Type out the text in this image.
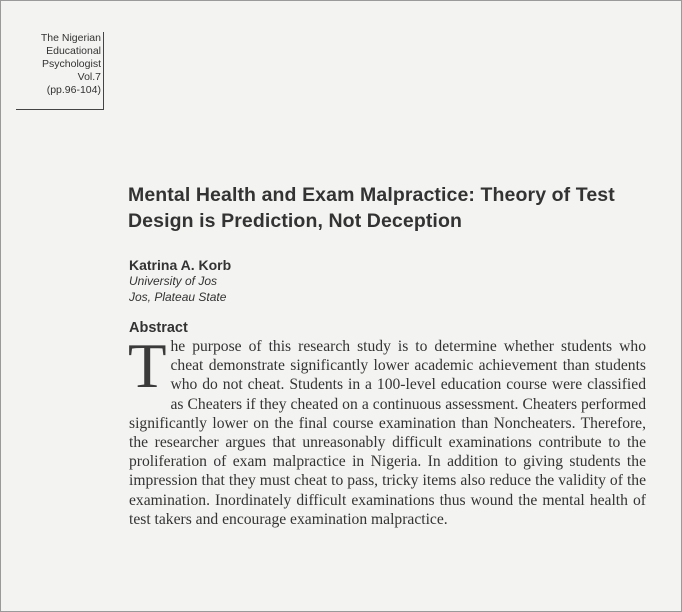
The Nigerian
Educational
Psychologist
Vol.7
(pp.96-104)
Mental Health and Exam Malpractice: Theory of Test Design is Prediction, Not Deception
Katrina A. Korb
University of Jos
Jos, Plateau State
Abstract
T he purpose of this research study is to determine whether students who cheat demonstrate significantly lower academic achievement than students who do not cheat. Students in a 100-level education course were classified as Cheaters if they cheated on a continuous assessment. Cheaters performed significantly lower on the final course examination than Noncheaters. Therefore, the researcher argues that unreasonably difficult examinations contribute to the proliferation of exam malpractice in Nigeria. In addition to giving students the impression that they must cheat to pass, tricky items also reduce the validity of the examination. Inordinately difficult examinations thus wound the mental health of test takers and encourage examination malpractice.
